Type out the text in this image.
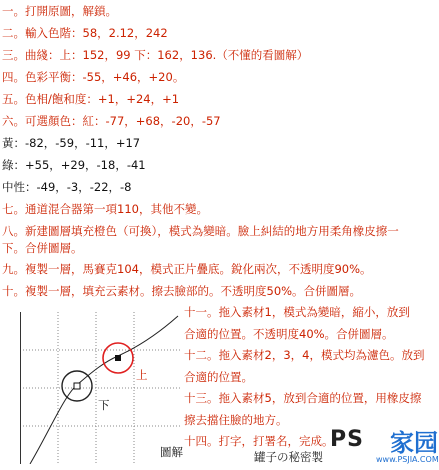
一。打開原圖，解鎖。
二。輸入色階：58，2.12，242
三。曲綫：上：152，99 下：162，136.（不懂的看圖解）
四。色彩平衡：-55，+46，+20。
五。色相/飽和度：+1，+24，+1
六。可選顏色：紅：-77，+68，-20，-57
黃：-82，-59，-11，+17
綠：+55，+29，-18，-41
中性：-49，-3，-22，-8
七。通道混合器第一項110，其他不變。
八。新建圖層填充橙色（可換），模式為變暗。臉上糾結的地方用柔角橡皮擦一
下。合併圖層。
九。複製一層，馬賽克104，模式正片疊底。銳化兩次，不透明度90%。
十。複製一層，填充云素材。擦去臉部的。不透明度50%。合併圖層。
上
下
圖解
十一。拖入素材1，模式為變暗，縮小，放到
合適的位置。不透明度40%。合併圖層。
十二。拖入素材2，3，4，模式均為濾色。放到
合適的位置。
十三。拖入素材5，放到合適的位置，用橡皮擦
擦去擋住臉的地方。
十四。打字，打署名，完成。
罐子の秘密製
PS 家园
www.PSJIA.COM
